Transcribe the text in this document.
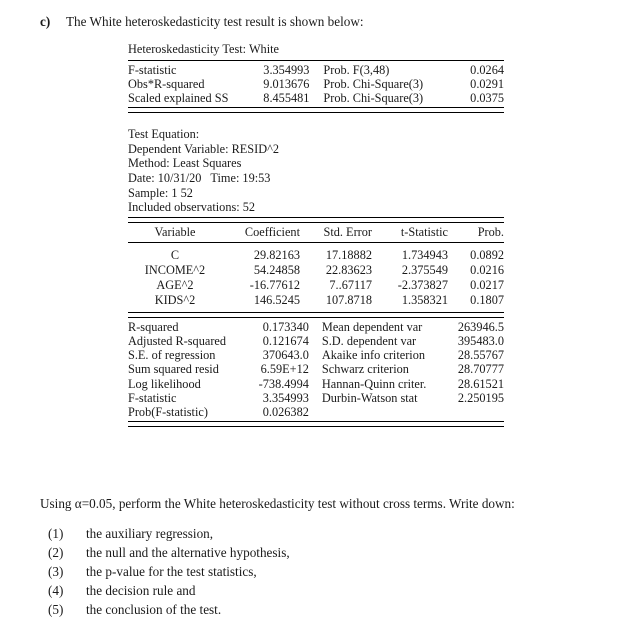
c)	The White heteroskedasticity test result is shown below:
Heteroskedasticity Test: White
F-statistic	3.354993	Prob. F(3,48)	0.0264
Obs*R-squared	9.013676	Prob. Chi-Square(3)	0.0291
Scaled explained SS	8.455481	Prob. Chi-Square(3)	0.0375
Test Equation:
Dependent Variable: RESID^2
Method: Least Squares
Date: 10/31/20   Time: 19:53
Sample: 1 52
Included observations: 52
Variable	Coefficient	Std. Error	t-Statistic	Prob.
C	29.82163	17.18882	1.734943	0.0892
INCOME^2	54.24858	22.83623	2.375549	0.0216
AGE^2	-16.77612	7..67117	-2.373827	0.0217
KIDS^2	146.5245	107.8718	1.358321	0.1807
R-squared	0.173340	Mean dependent var	263946.5
Adjusted R-squared	0.121674	S.D. dependent var	395483.0
S.E. of regression	370643.0	Akaike info criterion	28.55767
Sum squared resid	6.59E+12	Schwarz criterion	28.70777
Log likelihood	-738.4994	Hannan-Quinn criter.	28.61521
F-statistic	3.354993	Durbin-Watson stat	2.250195
Prob(F-statistic)	0.026382		
Using α=0.05, perform the White heteroskedasticity test without cross terms. Write down:
(1)	the auxiliary regression,
(2)	the null and the alternative hypothesis,
(3)	the p-value for the test statistics,
(4)	the decision rule and
(5)	the conclusion of the test.
